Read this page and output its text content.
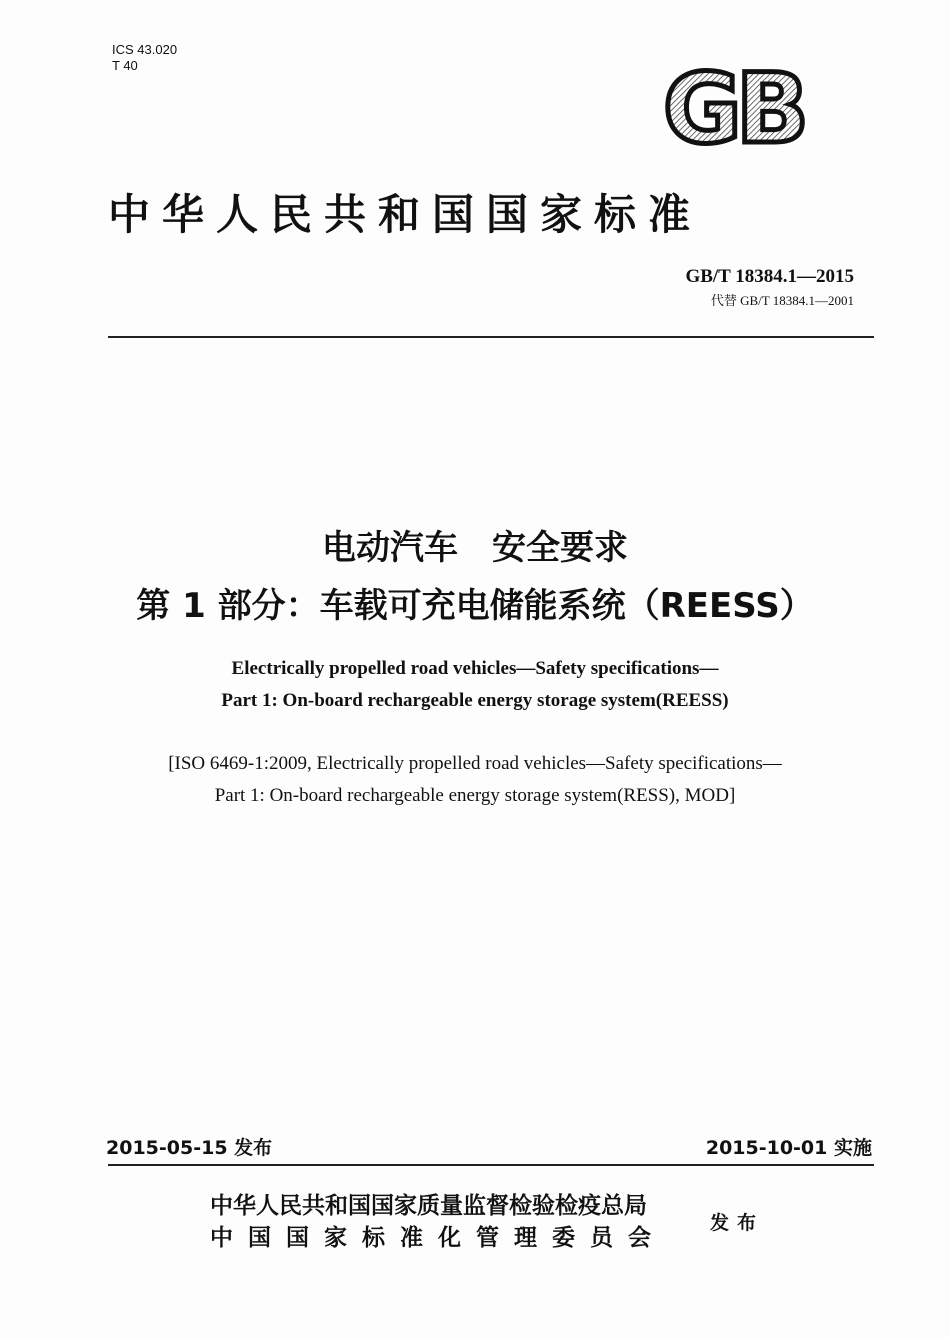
ICS 43.020
T 40	GB
中华人民共和国国家标准
GB/T 18384.1—2015
代替 GB/T 18384.1—2001
电动汽车　安全要求
第 1 部分：车载可充电储能系统（REESS）
Electrically propelled road vehicles—Safety specifications—
Part 1: On-board rechargeable energy storage system(REESS)
[ISO 6469-1:2009, Electrically propelled road vehicles—Safety specifications—
Part 1: On-board rechargeable energy storage system(RESS), MOD]
2015-05-15 发布	2015-10-01 实施
中华人民共和国国家质量监督检验检疫总局
中国国家标准化管理委员会
发布
